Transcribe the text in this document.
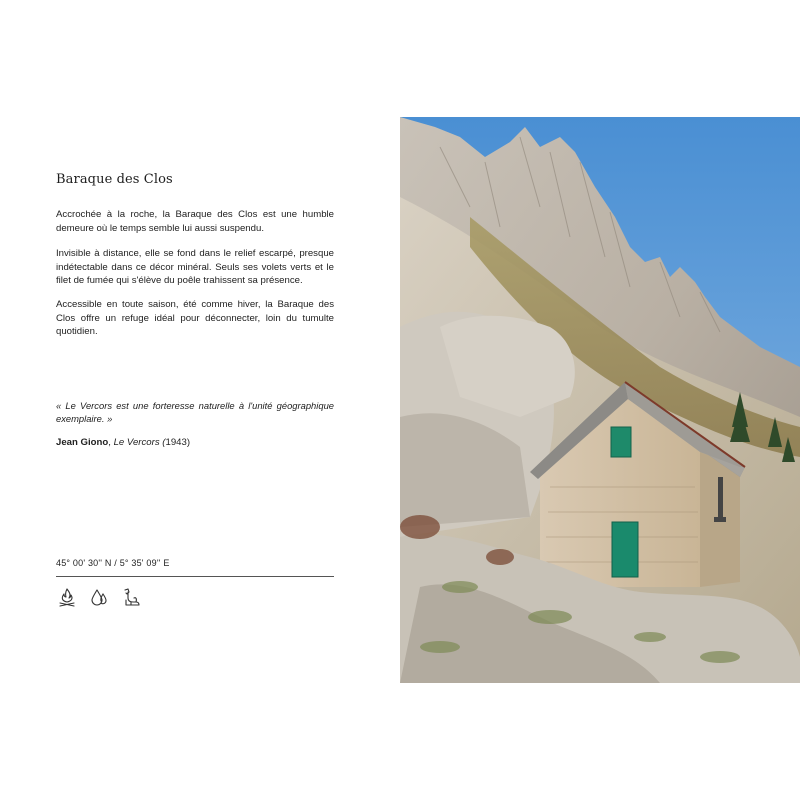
Baraque des Clos

Accrochée à la roche, la Baraque des Clos est une humble demeure où le temps semble lui aussi suspendu.

Invisible à distance, elle se fond dans le relief escarpé, presque indétectable dans ce décor minéral. Seuls ses volets verts et le filet de fumée qui s'élève du poêle trahissent sa présence.

Accessible en toute saison, été comme hiver, la Baraque des Clos offre un refuge idéal pour déconnecter, loin du tumulte quotidien.

« Le Vercors est une forteresse naturelle à l'unité géographique exemplaire. »

Jean Giono, Le Vercors (1943)
45° 00' 30'' N / 5° 35' 09'' E
